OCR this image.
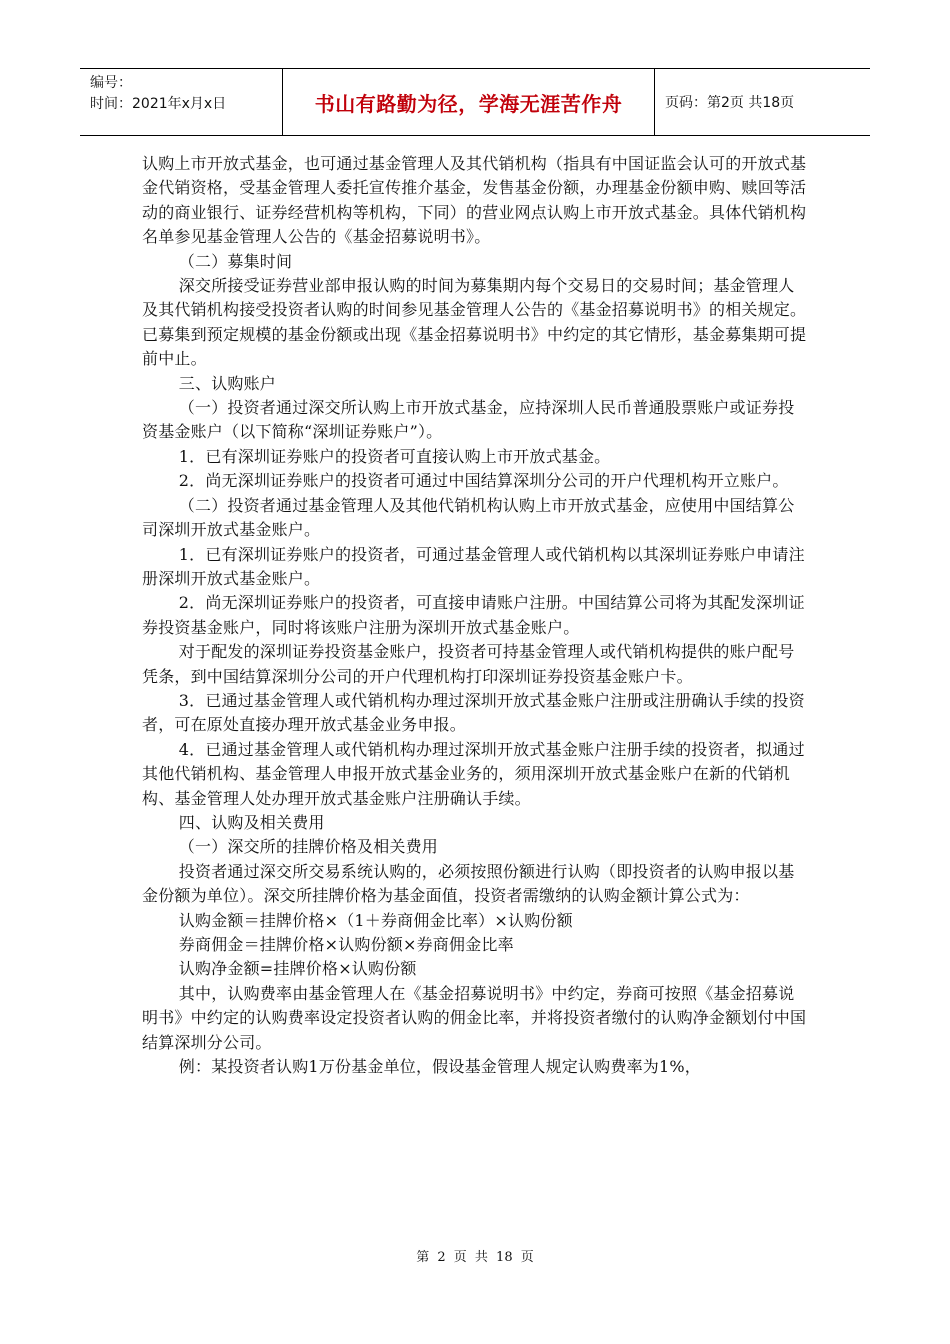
编号：
时间：2021年x月x日	书山有路勤为径，学海无涯苦作舟	页码：第2页 共18页

认购上市开放式基金，也可通过基金管理人及其代销机构（指具有中国证监会认可的开放式基金代销资格，受基金管理人委托宣传推介基金，发售基金份额，办理基金份额申购、赎回等活动的商业银行、证券经营机构等机构，下同）的营业网点认购上市开放式基金。具体代销机构名单参见基金管理人公告的《基金招募说明书》。

（二）募集时间

深交所接受证券营业部申报认购的时间为募集期内每个交易日的交易时间；基金管理人及其代销机构接受投资者认购的时间参见基金管理人公告的《基金招募说明书》的相关规定。已募集到预定规模的基金份额或出现《基金招募说明书》中约定的其它情形，基金募集期可提前中止。

三、认购账户

（一）投资者通过深交所认购上市开放式基金，应持深圳人民币普通股票账户或证券投资基金账户（以下简称“深圳证券账户”）。

1．已有深圳证券账户的投资者可直接认购上市开放式基金。

2．尚无深圳证券账户的投资者可通过中国结算深圳分公司的开户代理机构开立账户。

（二）投资者通过基金管理人及其他代销机构认购上市开放式基金，应使用中国结算公司深圳开放式基金账户。

1．已有深圳证券账户的投资者，可通过基金管理人或代销机构以其深圳证券账户申请注册深圳开放式基金账户。

2．尚无深圳证券账户的投资者，可直接申请账户注册。中国结算公司将为其配发深圳证券投资基金账户，同时将该账户注册为深圳开放式基金账户。

对于配发的深圳证券投资基金账户，投资者可持基金管理人或代销机构提供的账户配号凭条，到中国结算深圳分公司的开户代理机构打印深圳证券投资基金账户卡。

3．已通过基金管理人或代销机构办理过深圳开放式基金账户注册或注册确认手续的投资者，可在原处直接办理开放式基金业务申报。

4．已通过基金管理人或代销机构办理过深圳开放式基金账户注册手续的投资者，拟通过其他代销机构、基金管理人申报开放式基金业务的，须用深圳开放式基金账户在新的代销机构、基金管理人处办理开放式基金账户注册确认手续。

四、认购及相关费用

（一）深交所的挂牌价格及相关费用

投资者通过深交所交易系统认购的，必须按照份额进行认购（即投资者的认购申报以基金份额为单位）。深交所挂牌价格为基金面值，投资者需缴纳的认购金额计算公式为：

认购金额＝挂牌价格×（1＋券商佣金比率）×认购份额

券商佣金＝挂牌价格×认购份额×券商佣金比率

认购净金额=挂牌价格×认购份额

其中，认购费率由基金管理人在《基金招募说明书》中约定，券商可按照《基金招募说明书》中约定的认购费率设定投资者认购的佣金比率，并将投资者缴付的认购净金额划付中国结算深圳分公司。

例：某投资者认购1万份基金单位，假设基金管理人规定认购费率为1%，

第 2 页 共 18 页
